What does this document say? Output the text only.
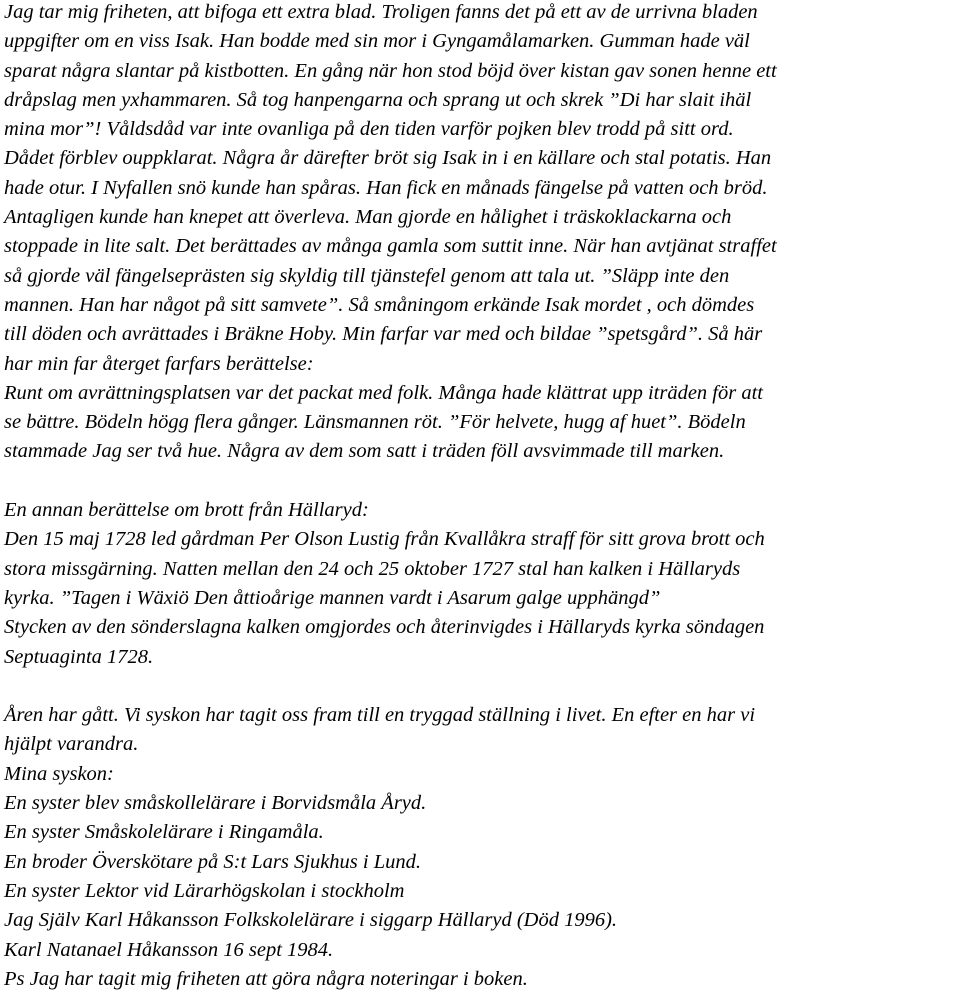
Jag tar mig friheten, att bifoga ett extra blad. Troligen fanns det på ett av de urrivna bladen
uppgifter om en viss Isak. Han bodde med sin mor i Gyngamålamarken. Gumman hade väl
sparat några slantar på kistbotten. En gång när hon stod böjd över kistan gav sonen henne ett
dråpslag men yxhammaren. Så tog hanpengarna och sprang ut och skrek ”Di har slait ihäl
mina mor”! Våldsdåd var inte ovanliga på den tiden varför pojken blev trodd på sitt ord.
Dådet förblev ouppklarat. Några år därefter bröt sig Isak in i en källare och stal potatis. Han
hade otur. I Nyfallen snö kunde han spåras. Han fick en månads fängelse på vatten och bröd.
Antagligen kunde han knepet att överleva. Man gjorde en hålighet i träskoklackarna och
stoppade in lite salt. Det berättades av många gamla som suttit inne. När han avtjänat straffet
så gjorde väl fängelseprästen sig skyldig till tjänstefel genom att tala ut. ”Släpp inte den
mannen. Han har något på sitt samvete”. Så småningom erkände Isak mordet , och dömdes
till döden och avrättades i Bräkne Hoby. Min farfar var med och bildae ”spetsgård”. Så här
har min far återget farfars berättelse:
Runt om avrättningsplatsen var det packat med folk. Många hade klättrat upp iträden för att
se bättre. Bödeln högg flera gånger. Länsmannen röt. ”För helvete, hugg af huet”. Bödeln
stammade Jag ser två hue. Några av dem som satt i träden föll avsvimmade till marken.
En annan berättelse om brott från Hällaryd:
Den 15 maj 1728 led gårdman Per Olson Lustig från Kvallåkra straff för sitt grova brott och
stora missgärning. Natten mellan den 24 och 25 oktober 1727 stal han kalken i Hällaryds
kyrka. ”Tagen i Wäxiö Den åttioårige mannen vardt i Asarum galge upphängd”
Stycken av den sönderslagna kalken omgjordes och återinvigdes i Hällaryds kyrka söndagen
Septuaginta 1728.
Åren har gått. Vi syskon har tagit oss fram till en tryggad ställning i livet. En efter en har vi
hjälpt varandra.
Mina syskon:
En syster blev småskollelärare i Borvidsmåla Åryd.
En syster Småskolelärare i Ringamåla.
En broder Överskötare på S:t Lars Sjukhus i Lund.
En syster Lektor vid Lärarhögskolan i stockholm
Jag Själv Karl Håkansson Folkskolelärare i siggarp Hällaryd (Död 1996).
Karl Natanael Håkansson 16 sept 1984.
Ps Jag har tagit mig friheten att göra några noteringar i boken.
